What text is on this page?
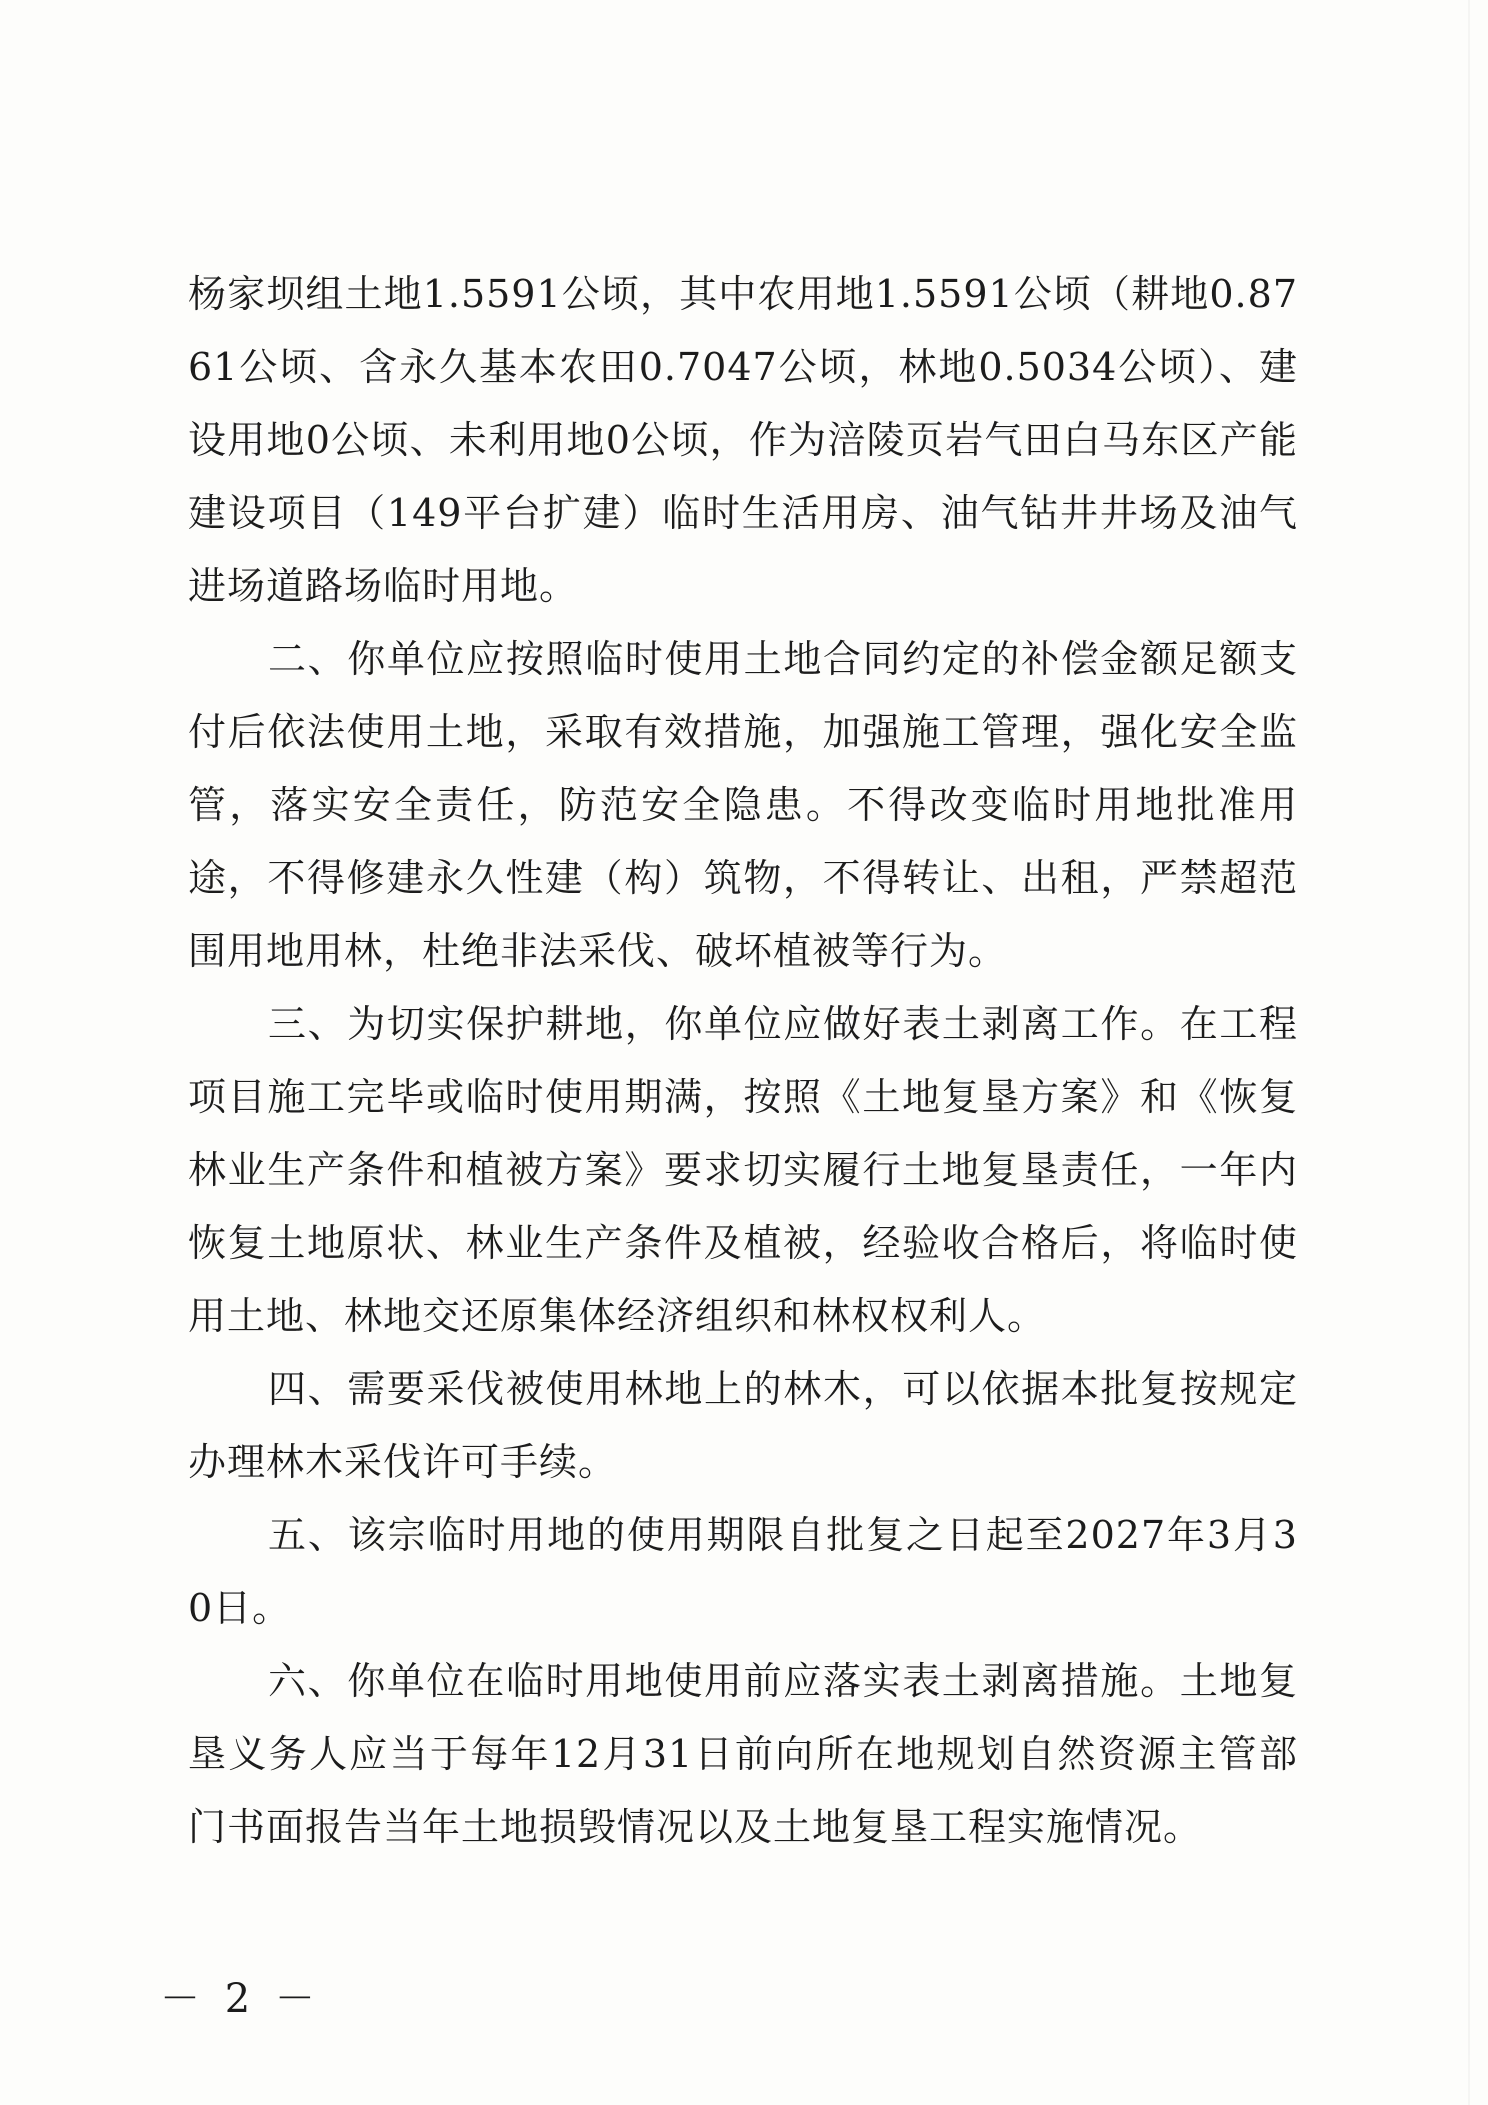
杨家坝组土地1.5591公顷，其中农用地1.5591公顷（耕地0.8761公顷、含永久基本农田0.7047公顷，林地0.5034公顷）、建设用地0公顷、未利用地0公顷，作为涪陵页岩气田白马东区产能建设项目（149平台扩建）临时生活用房、油气钻井井场及油气进场道路场临时用地。

二、你单位应按照临时使用土地合同约定的补偿金额足额支付后依法使用土地，采取有效措施，加强施工管理，强化安全监管，落实安全责任，防范安全隐患。不得改变临时用地批准用途，不得修建永久性建（构）筑物，不得转让、出租，严禁超范围用地用林，杜绝非法采伐、破坏植被等行为。

三、为切实保护耕地，你单位应做好表土剥离工作。在工程项目施工完毕或临时使用期满，按照《土地复垦方案》和《恢复林业生产条件和植被方案》要求切实履行土地复垦责任，一年内恢复土地原状、林业生产条件及植被，经验收合格后，将临时使用土地、林地交还原集体经济组织和林权权利人。

四、需要采伐被使用林地上的林木，可以依据本批复按规定办理林木采伐许可手续。

五、该宗临时用地的使用期限自批复之日起至2027年3月30日。

六、你单位在临时用地使用前应落实表土剥离措施。土地复垦义务人应当于每年12月31日前向所在地规划自然资源主管部门书面报告当年土地损毁情况以及土地复垦工程实施情况。

－ 2 －
